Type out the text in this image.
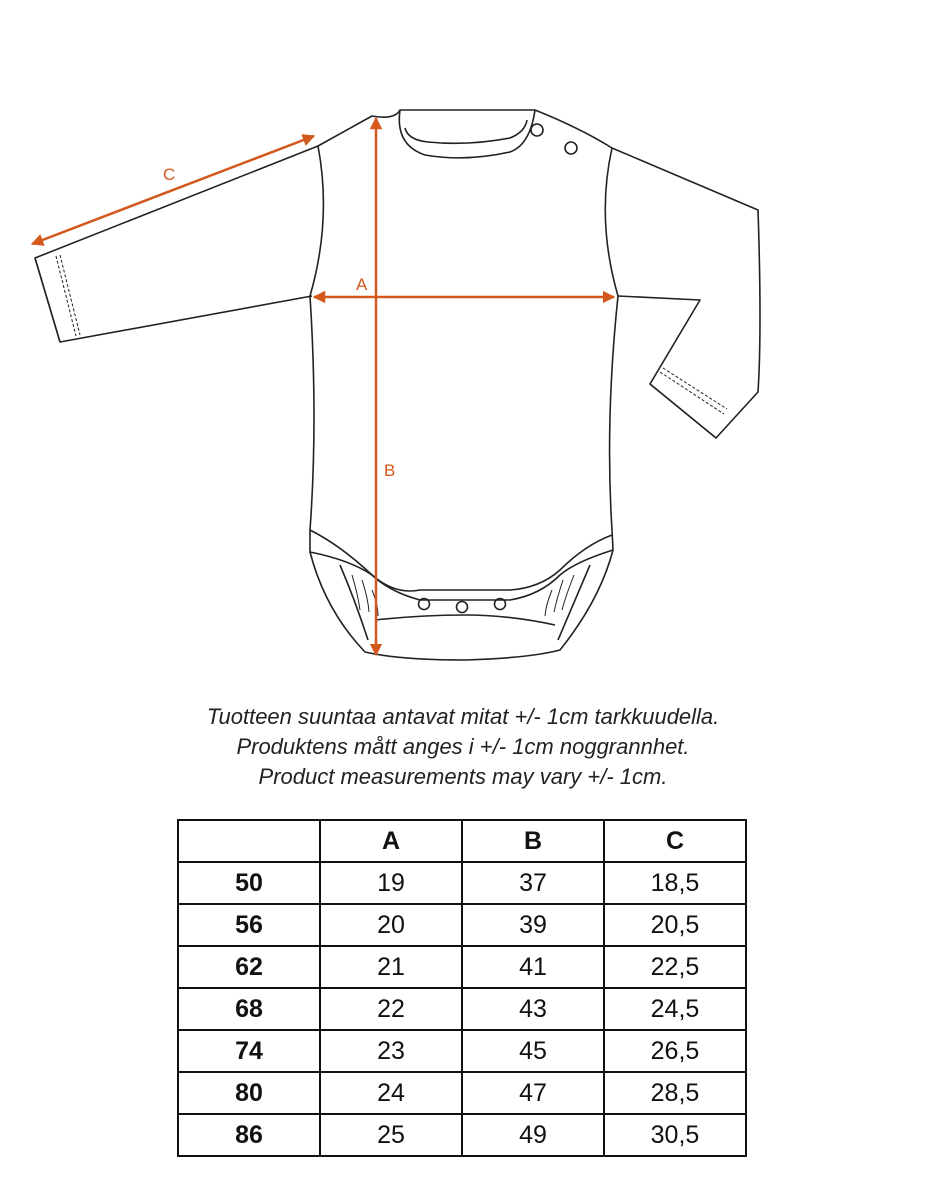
A
B
C
Tuotteen suuntaa antavat mitat +/- 1cm tarkkuudella.
Produktens mått anges i +/- 1cm noggrannhet.
Product measurements may vary +/- 1cm.
	A	B	C
50	19	37	18,5
56	20	39	20,5
62	21	41	22,5
68	22	43	24,5
74	23	45	26,5
80	24	47	28,5
86	25	49	30,5
